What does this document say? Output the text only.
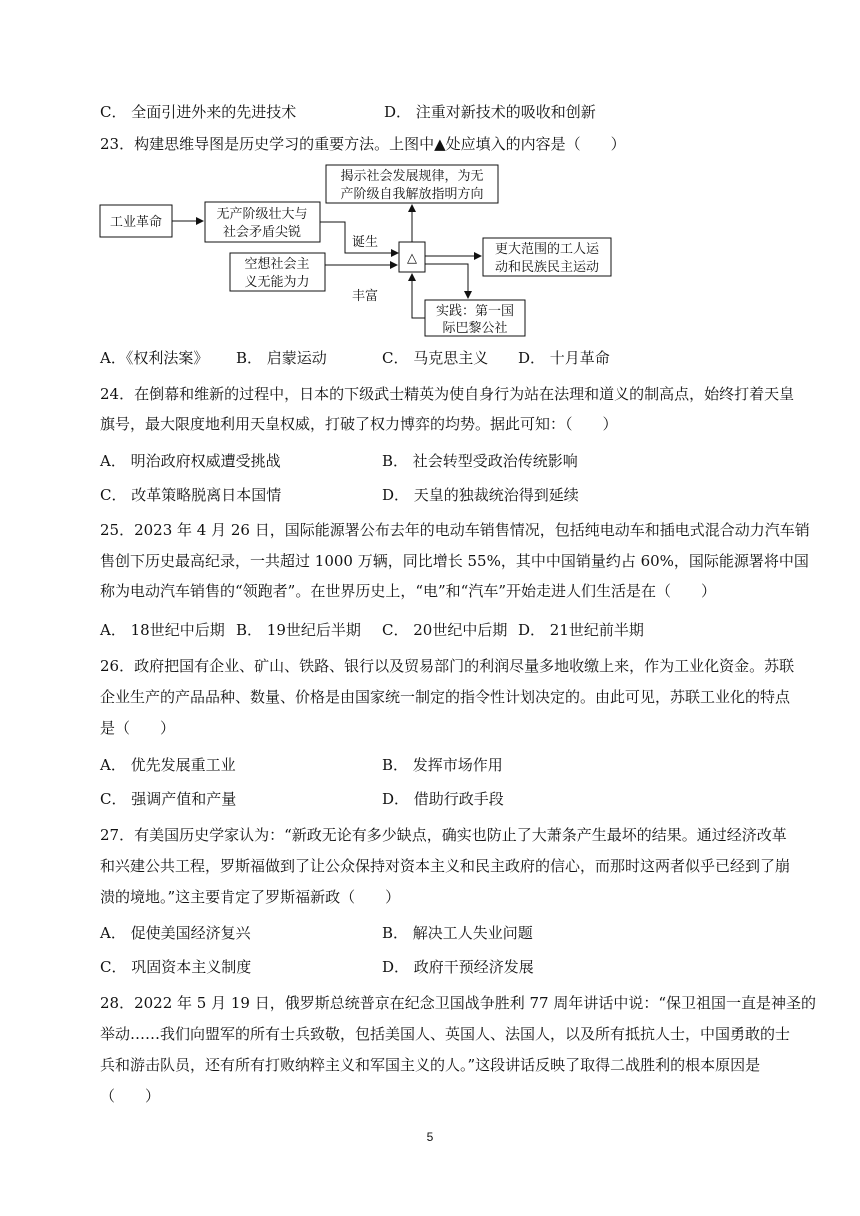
C． 全面引进外来的先进技术	D． 注重对新技术的吸收和创新
23．构建思维导图是历史学习的重要方法。上图中▲处应填入的内容是（　　）
工业革命
无产阶级壮大与
社会矛盾尖锐
揭示社会发展规律，为无
产阶级自我解放指明方向
诞生
△
空想社会主
义无能为力
更大范围的工人运
动和民族民主运动
实践：第一国
际巴黎公社
丰富
A．《权利法案》 B． 启蒙运动	C． 马克思主义 D． 十月革命
24．在倒幕和维新的过程中，日本的下级武士精英为使自身行为站在法理和道义的制高点，始终打着天皇
旗号，最大限度地利用天皇权威，打破了权力博弈的均势。据此可知：（　　）
A． 明治政府权威遭受挑战	B． 社会转型受政治传统影响
C． 改革策略脱离日本国情	D． 天皇的独裁统治得到延续
25．2023 年 4 月 26 日，国际能源署公布去年的电动车销售情况，包括纯电动车和插电式混合动力汽车销
售创下历史最高纪录，一共超过 1000 万辆，同比增长 55%，其中中国销量约占 60%，国际能源署将中国
称为电动汽车销售的“领跑者”。在世界历史上，“电”和“汽车”开始走进人们生活是在（　　）
A． 18世纪中后期 B． 19世纪后半期 C． 20世纪中后期 D． 21世纪前半期
26．政府把国有企业、矿山、铁路、银行以及贸易部门的利润尽量多地收缴上来，作为工业化资金。苏联
企业生产的产品品种、数量、价格是由国家统一制定的指令性计划决定的。由此可见，苏联工业化的特点
是（　　）
A． 优先发展重工业	B． 发挥市场作用
C． 强调产值和产量	D． 借助行政手段
27．有美国历史学家认为：“新政无论有多少缺点，确实也防止了大萧条产生最坏的结果。通过经济改革
和兴建公共工程，罗斯福做到了让公众保持对资本主义和民主政府的信心，而那时这两者似乎已经到了崩
溃的境地。”这主要肯定了罗斯福新政（　　）
A． 促使美国经济复兴	B． 解决工人失业问题
C． 巩固资本主义制度	D． 政府干预经济发展
28．2022 年 5 月 19 日，俄罗斯总统普京在纪念卫国战争胜利 77 周年讲话中说：“保卫祖国一直是神圣的
举动……我们向盟军的所有士兵致敬，包括美国人、英国人、法国人，以及所有抵抗人士，中国勇敢的士
兵和游击队员，还有所有打败纳粹主义和军国主义的人。”这段讲话反映了取得二战胜利的根本原因是
（　　）
5
